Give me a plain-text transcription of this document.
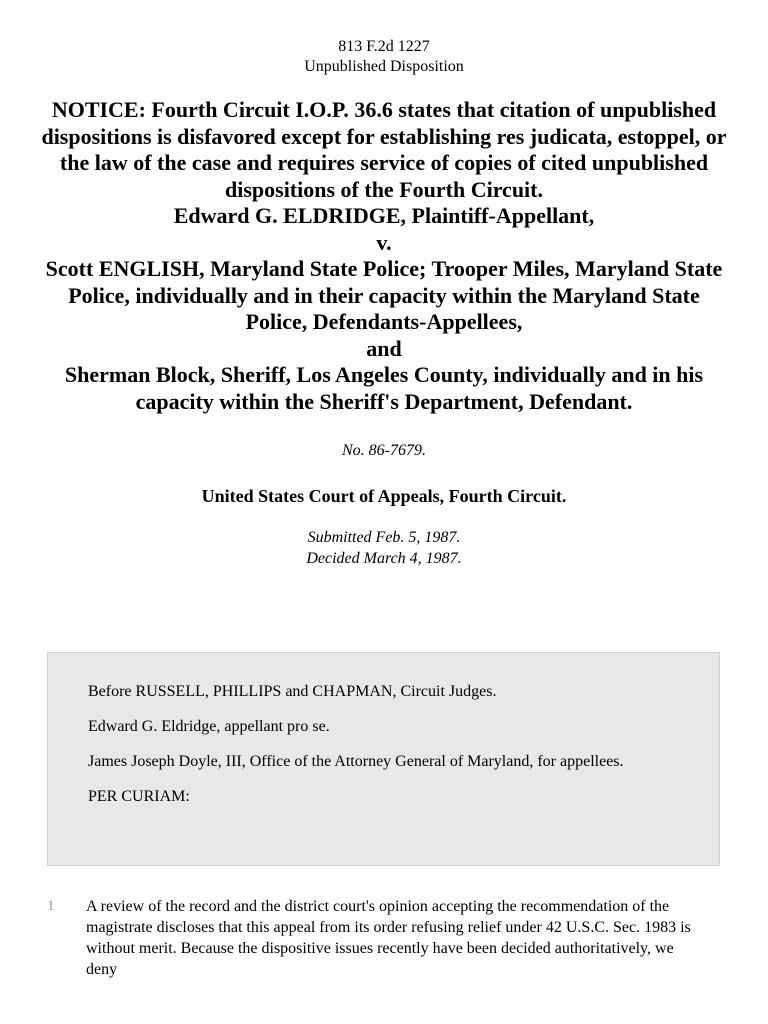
813 F.2d 1227
Unpublished Disposition
NOTICE: Fourth Circuit I.O.P. 36.6 states that citation of unpublished dispositions is disfavored except for establishing res judicata, estoppel, or the law of the case and requires service of copies of cited unpublished dispositions of the Fourth Circuit.
Edward G. ELDRIDGE, Plaintiff-Appellant,
v.
Scott ENGLISH, Maryland State Police; Trooper Miles, Maryland State Police, individually and in their capacity within the Maryland State Police, Defendants-Appellees,
and
Sherman Block, Sheriff, Los Angeles County, individually and in his capacity within the Sheriff's Department, Defendant.
No. 86-7679.
United States Court of Appeals, Fourth Circuit.
Submitted Feb. 5, 1987.
Decided March 4, 1987.

Before RUSSELL, PHILLIPS and CHAPMAN, Circuit Judges.

Edward G. Eldridge, appellant pro se.

James Joseph Doyle, III, Office of the Attorney General of Maryland, for appellees.

PER CURIAM:

1 A review of the record and the district court's opinion accepting the recommendation of the magistrate discloses that this appeal from its order refusing relief under 42 U.S.C. Sec. 1983 is without merit. Because the dispositive issues recently have been decided authoritatively, we deny
